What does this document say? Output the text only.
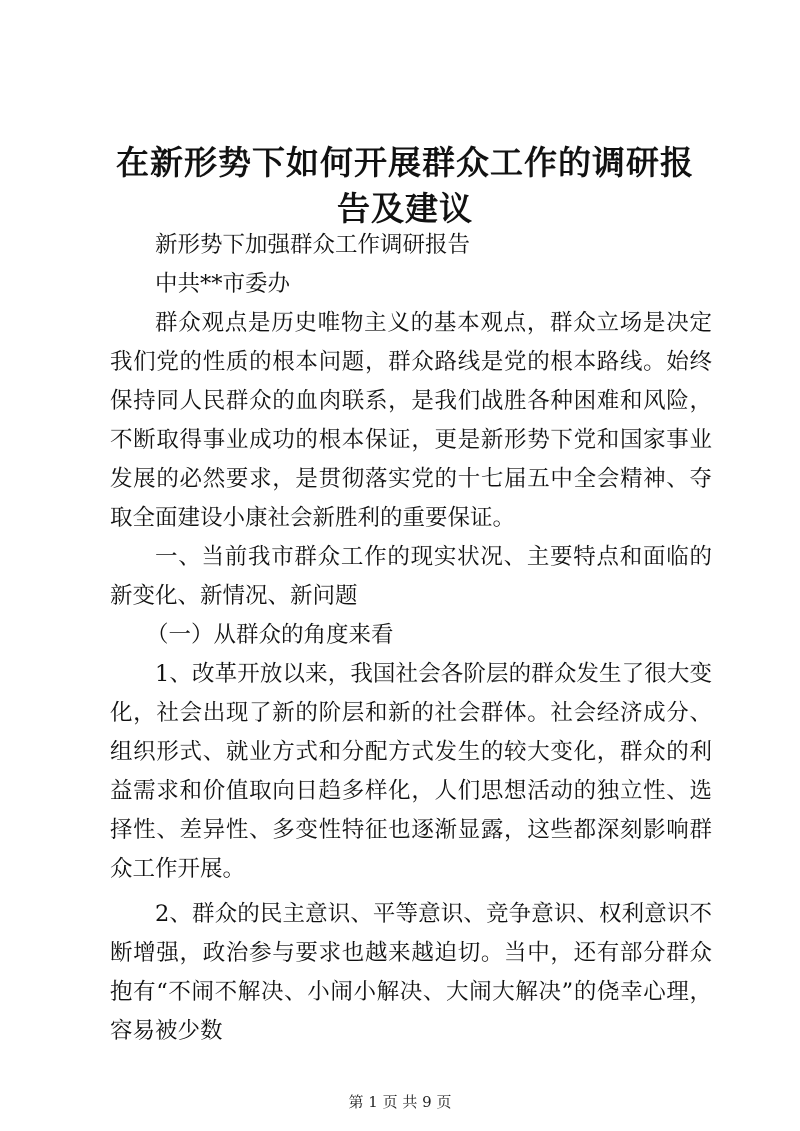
在新形势下如何开展群众工作的调研报告及建议

新形势下加强群众工作调研报告

中共**市委办

群众观点是历史唯物主义的基本观点，群众立场是决定我们党的性质的根本问题，群众路线是党的根本路线。始终保持同人民群众的血肉联系，是我们战胜各种困难和风险，不断取得事业成功的根本保证，更是新形势下党和国家事业发展的必然要求，是贯彻落实党的十七届五中全会精神、夺取全面建设小康社会新胜利的重要保证。

一、当前我市群众工作的现实状况、主要特点和面临的新变化、新情况、新问题

（一）从群众的角度来看

1、改革开放以来，我国社会各阶层的群众发生了很大变化，社会出现了新的阶层和新的社会群体。社会经济成分、组织形式、就业方式和分配方式发生的较大变化，群众的利益需求和价值取向日趋多样化，人们思想活动的独立性、选择性、差异性、多变性特征也逐渐显露，这些都深刻影响群众工作开展。

2、群众的民主意识、平等意识、竞争意识、权利意识不断增强，政治参与要求也越来越迫切。当中，还有部分群众抱有“不闹不解决、小闹小解决、大闹大解决”的侥幸心理，容易被少数

第 1 页 共 9 页
